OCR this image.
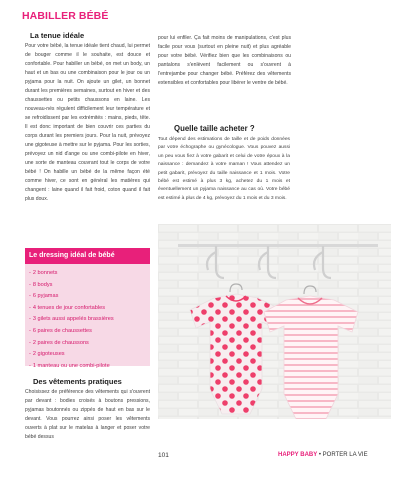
HABILLER BÉBÉ
La tenue idéale
Pour votre bébé, la tenue idéale tient chaud, lui permet de bouger comme il le souhaite, est douce et confortable. Pour habiller un bébé, on met un body, un haut et un bas ou une combinaison pour le jour ou un pyjama pour la nuit. On ajoute un gilet, un bonnet durant les premières semaines, surtout en hiver et des chaussettes ou petits chaussons en laine. Les nouveau-nés régulent difficilement leur température et se refroidissent par les extrémités : mains, pieds, tête. Il est donc important de bien couvrir ces parties du corps durant les premiers jours. Pour la nuit, prévoyez une gigoteuse à mettre sur le pyjama. Pour les sorties, prévoyez un nid d'ange ou une combi-pilote en hiver, une sorte de manteau couvrant tout le corps de votre bébé ! On habille un bébé de la même façon été comme hiver, ce sont en général les matières qui changent : laine quand il fait froid, coton quand il fait plus doux.
pour lui enfiler. Ça fait moins de manipulations, c'est plus facile pour vous (surtout en pleine nuit) et plus agréable pour votre bébé. Vérifiez bien que les combinaisons ou pantalons s'enlèvent facilement ou s'ouvrent à l'entrejambe pour changer bébé. Préférez des vêtements extensibles et confortables pour libérer le ventre de bébé.
Quelle taille acheter ?
Tout dépend des estimations de taille et de poids données par votre échographe ou gynécologue. Vous pouvez aussi un peu vous fiez à votre gabarit et celui de votre époux à la naissance : demandez à votre maman ! Vous attendez un petit gabarit, prévoyez du taille naissance et 1 mois. Votre bébé est estimé à plus 3 kg, achetez du 1 mois et éventuellement un pyjama naissance au cas où. Votre bébé est estimé à plus de 4 kg, prévoyez du 1 mois et du 3 mois.
Le dressing idéal de bébé
- 2 bonnets
- 8 bodys
- 6 pyjamas
- 4 tenues de jour confortables
- 3 gilets aussi appelés brassières
- 6 paires de chaussettes
- 2 paires de chaussons
- 2 gigoteuses
- 1 manteau ou une combi-pilote
Des vêtements pratiques
Choisissez de préférence des vêtements qui s'ouvrent par devant : bodies croisés à boutons pressions, pyjamas boutonnés ou zippés de haut en bas sur le devant. Vous pourrez ainsi poser les vêtements ouverts à plat sur le matelas à langer et poser votre bébé dessus
101	HAPPY BABY • PORTER LA VIE
